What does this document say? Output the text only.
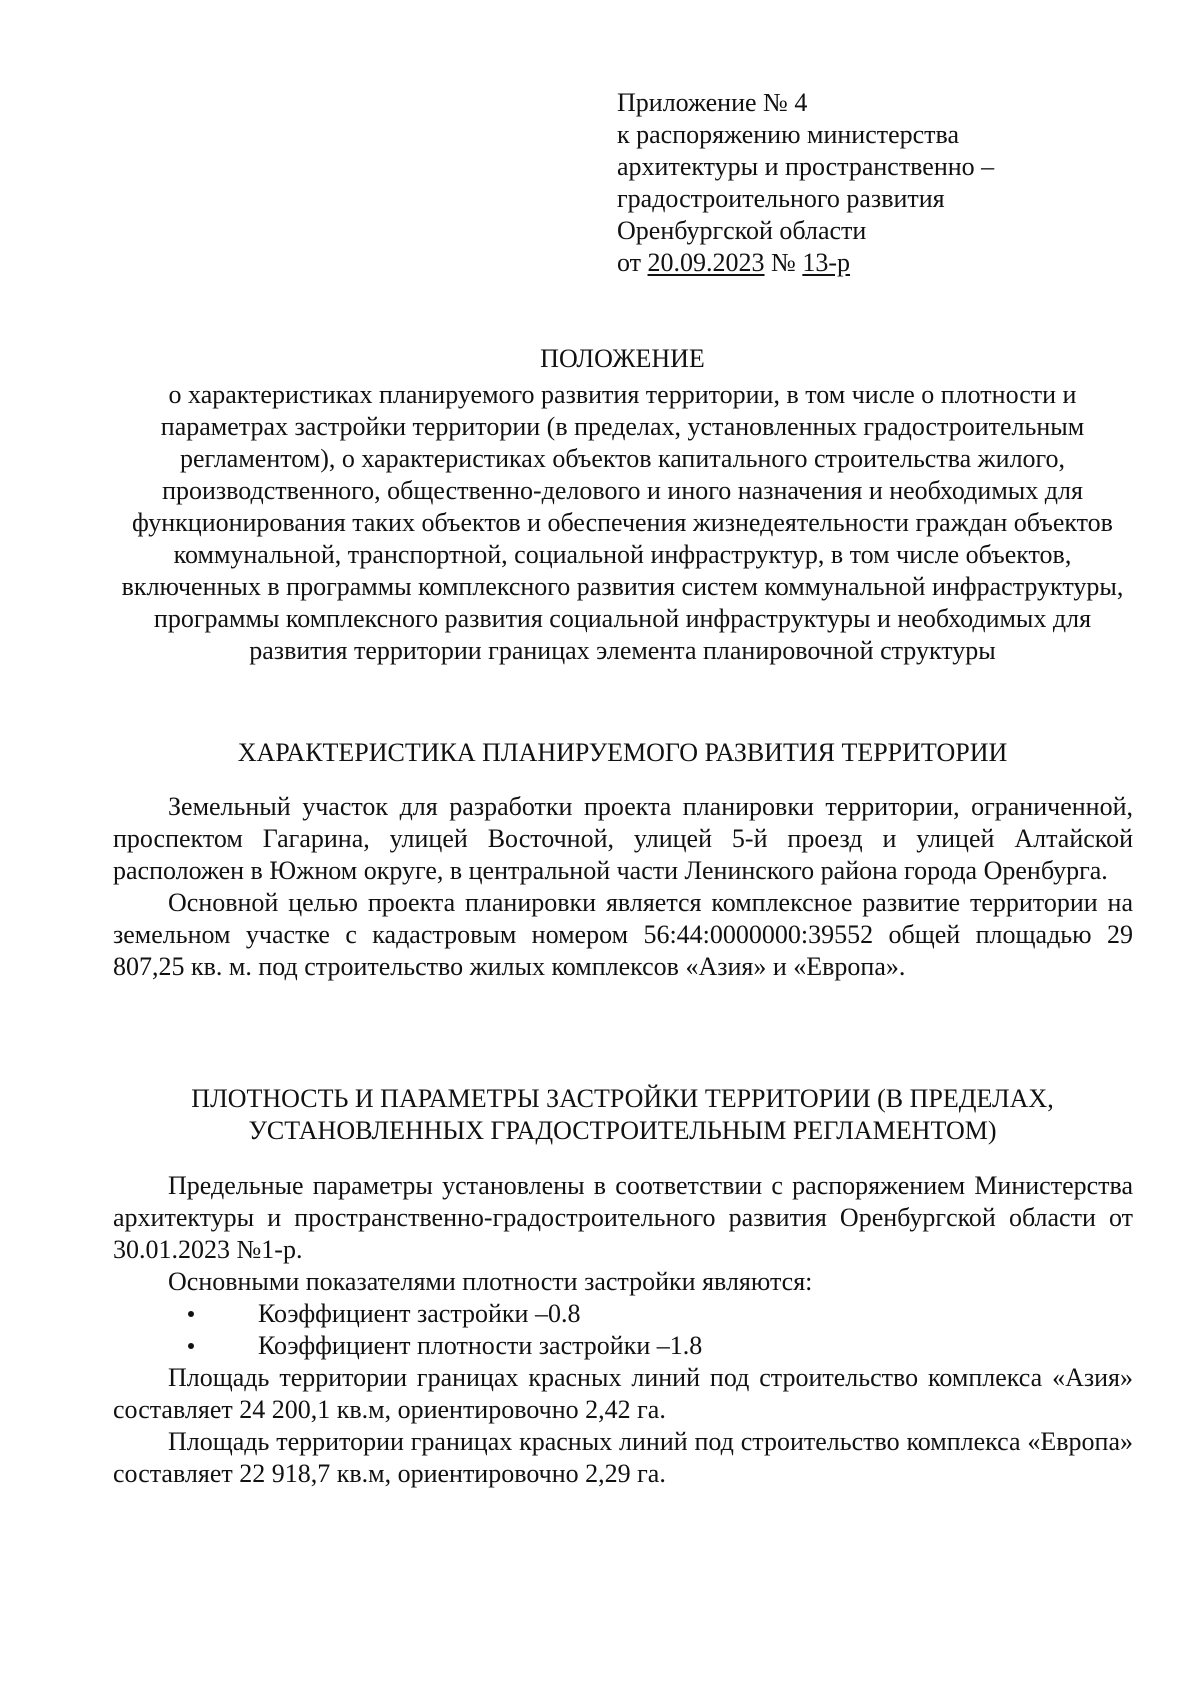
Приложение № 4
к распоряжению министерства
архитектуры и пространственно –
градостроительного развития
Оренбургской области
от 20.09.2023 № 13-р
ПОЛОЖЕНИЕ
о характеристиках планируемого развития территории, в том числе о плотности и параметрах застройки территории (в пределах, установленных градостроительным регламентом), о характеристиках объектов капитального строительства жилого, производственного, общественно-делового и иного назначения и необходимых для функционирования таких объектов и обеспечения жизнедеятельности граждан объектов коммунальной, транспортной, социальной инфраструктур, в том числе объектов, включенных в программы комплексного развития систем коммунальной инфраструктуры, программы комплексного развития социальной инфраструктуры и необходимых для развития территории границах элемента планировочной структуры
ХАРАКТЕРИСТИКА ПЛАНИРУЕМОГО РАЗВИТИЯ ТЕРРИТОРИИ

Земельный участок для разработки проекта планировки территории, ограниченной, проспектом Гагарина, улицей Восточной, улицей 5-й проезд и улицей Алтайской расположен в Южном округе, в центральной части Ленинского района города Оренбурга.

Основной целью проекта планировки является комплексное развитие территории на земельном участке с кадастровым номером 56:44:0000000:39552 общей площадью 29 807,25 кв. м. под строительство жилых комплексов «Азия» и «Европа».

ПЛОТНОСТЬ И ПАРАМЕТРЫ ЗАСТРОЙКИ ТЕРРИТОРИИ (В ПРЕДЕЛАХ,
УСТАНОВЛЕННЫХ ГРАДОСТРОИТЕЛЬНЫМ РЕГЛАМЕНТОМ)

Предельные параметры установлены в соответствии с распоряжением Министерства архитектуры и пространственно-градостроительного развития Оренбургской области от 30.01.2023 №1-р.

Основными показателями плотности застройки являются:

Коэффициент застройки –0.8
Коэффициент плотности застройки –1.8

Площадь территории границах красных линий под строительство комплекса «Азия» составляет 24 200,1 кв.м, ориентировочно 2,42 га.

Площадь территории границах красных линий под строительство комплекса «Европа» составляет 22 918,7 кв.м, ориентировочно 2,29 га.
